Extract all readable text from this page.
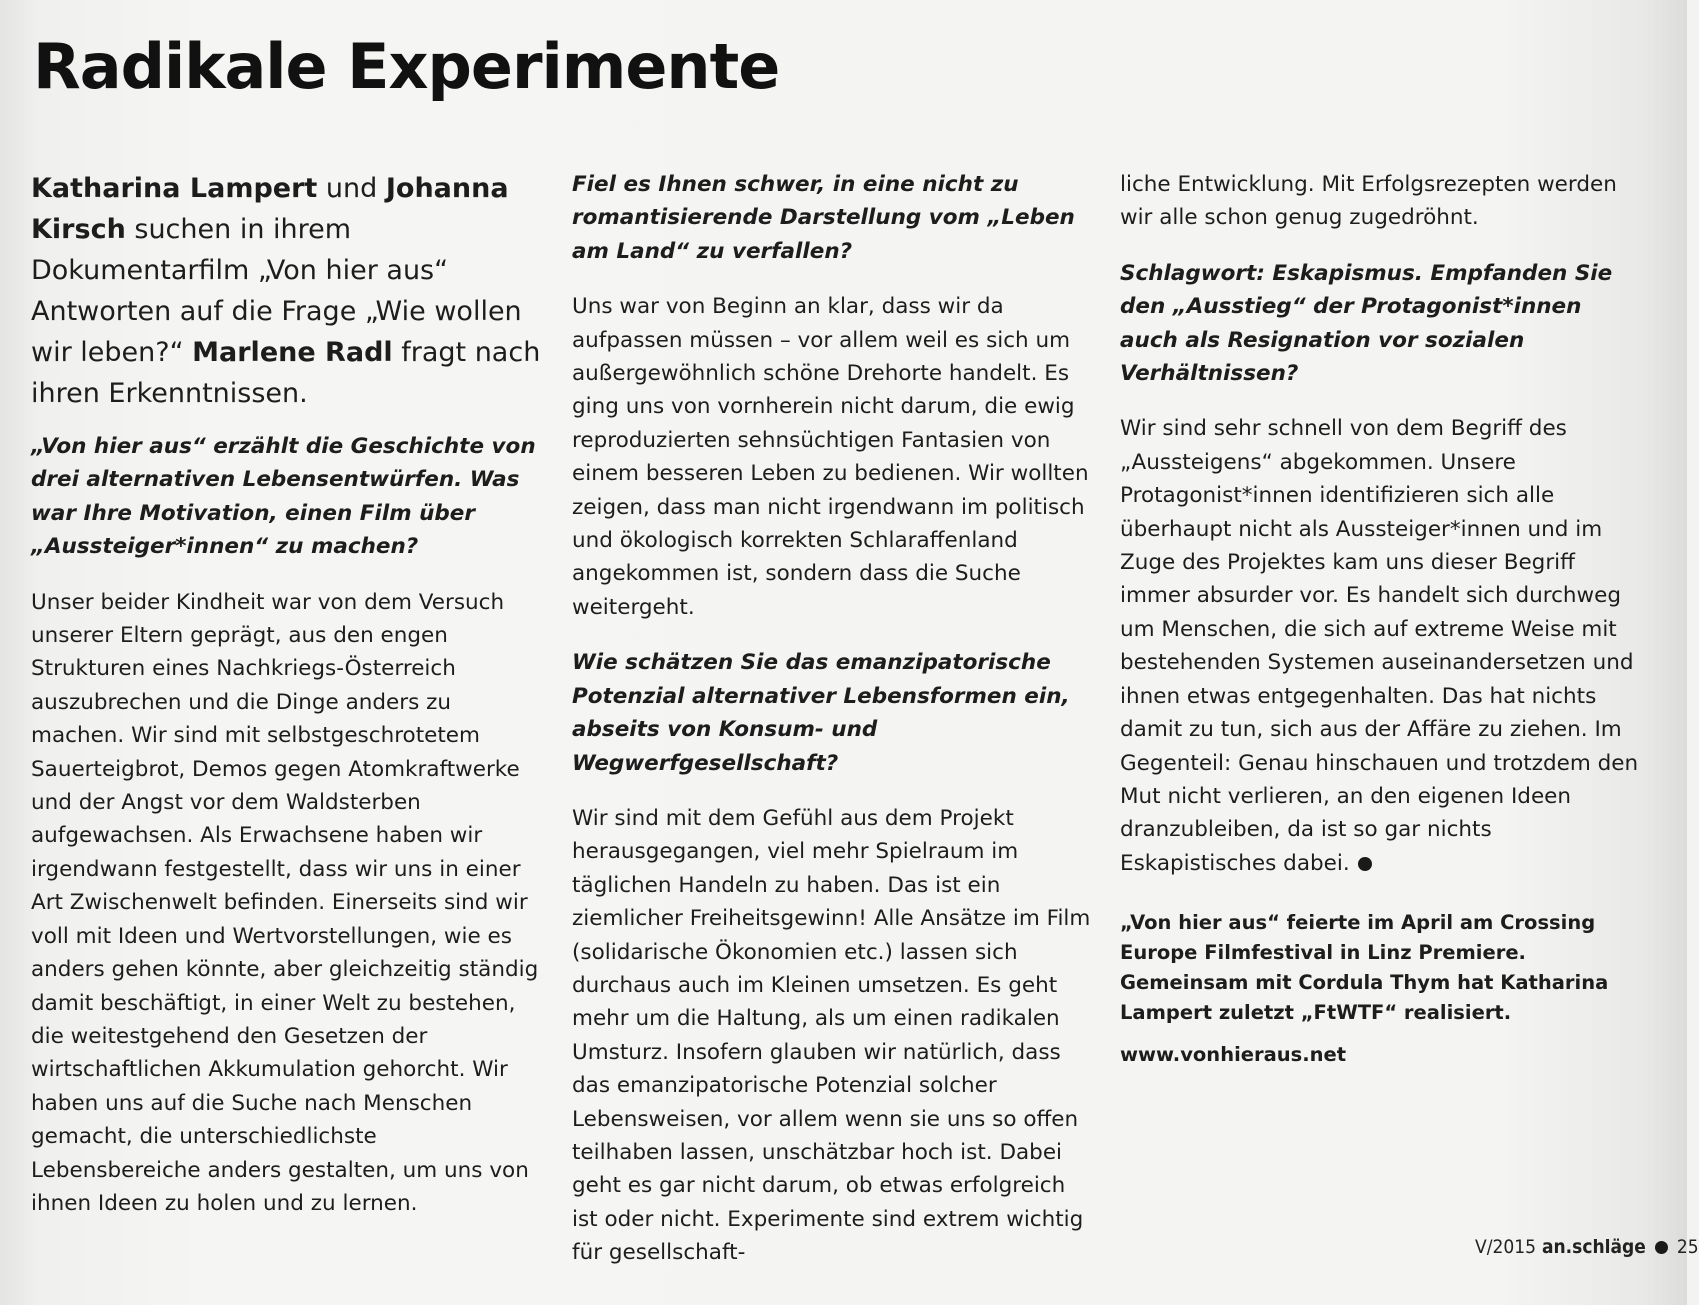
Radikale Experimente

Katharina Lampert und Johanna Kirsch suchen in ihrem Dokumentarfilm „Von hier aus“ Antworten auf die Frage „Wie wollen wir leben?“ Marlene Radl fragt nach ihren Erkenntnissen.

„Von hier aus“ erzählt die Geschichte von drei alternativen Lebensentwürfen. Was war Ihre Motivation, einen Film über „Aussteiger*innen“ zu machen?

Unser beider Kindheit war von dem Versuch unserer Eltern geprägt, aus den engen Strukturen eines Nachkriegs-Österreich auszubrechen und die Dinge anders zu machen. Wir sind mit selbstgeschrotetem Sauerteigbrot, Demos gegen Atomkraftwerke und der Angst vor dem Waldsterben aufgewachsen. Als Erwachsene haben wir irgendwann festgestellt, dass wir uns in einer Art Zwischenwelt befinden. Einerseits sind wir voll mit Ideen und Wertvorstellungen, wie es anders gehen könnte, aber gleichzeitig ständig damit beschäftigt, in einer Welt zu bestehen, die weitestgehend den Gesetzen der wirtschaftlichen Akkumulation gehorcht. Wir haben uns auf die Suche nach Menschen gemacht, die unterschiedlichste Lebensbereiche anders gestalten, um uns von ihnen Ideen zu holen und zu lernen.

Fiel es Ihnen schwer, in eine nicht zu romantisierende Darstellung vom „Leben am Land“ zu verfallen?

Uns war von Beginn an klar, dass wir da aufpassen müssen – vor allem weil es sich um außergewöhnlich schöne Drehorte handelt. Es ging uns von vornherein nicht darum, die ewig reproduzierten sehnsüchtigen Fantasien von einem besseren Leben zu bedienen. Wir wollten zeigen, dass man nicht irgendwann im politisch und ökologisch korrekten Schlaraffenland angekommen ist, sondern dass die Suche weitergeht.

Wie schätzen Sie das emanzipatorische Potenzial alternativer Lebensformen ein, abseits von Konsum- und Wegwerfgesellschaft?

Wir sind mit dem Gefühl aus dem Projekt herausgegangen, viel mehr Spielraum im täglichen Handeln zu haben. Das ist ein ziemlicher Freiheitsgewinn! Alle Ansätze im Film (solidarische Ökonomien etc.) lassen sich durchaus auch im Kleinen umsetzen. Es geht mehr um die Haltung, als um einen radikalen Umsturz. Insofern glauben wir natürlich, dass das emanzipatorische Potenzial solcher Lebensweisen, vor allem wenn sie uns so offen teilhaben lassen, unschätzbar hoch ist. Dabei geht es gar nicht darum, ob etwas erfolgreich ist oder nicht. Experimente sind extrem wichtig für gesellschaft-

liche Entwicklung. Mit Erfolgsrezepten werden wir alle schon genug zugedröhnt.

Schlagwort: Eskapismus. Empfanden Sie den „Ausstieg“ der Protagonist*innen auch als Resignation vor sozialen Verhältnissen?

Wir sind sehr schnell von dem Begriff des „Aussteigens“ abgekommen. Unsere Protagonist*innen identifizieren sich alle überhaupt nicht als Aussteiger*innen und im Zuge des Projektes kam uns dieser Begriff immer absurder vor. Es handelt sich durchweg um Menschen, die sich auf extreme Weise mit bestehenden Systemen auseinandersetzen und ihnen etwas entgegenhalten. Das hat nichts damit zu tun, sich aus der Affäre zu ziehen. Im Gegenteil: Genau hinschauen und trotzdem den Mut nicht verlieren, an den eigenen Ideen dranzubleiben, da ist so gar nichts Eskapistisches dabei.

„Von hier aus“ feierte im April am Crossing Europe Filmfestival in Linz Premiere. Gemeinsam mit Cordula Thym hat Katharina Lampert zuletzt „FtWTF“ realisiert.

www.vonhieraus.net

V/2015 an.schläge 25
